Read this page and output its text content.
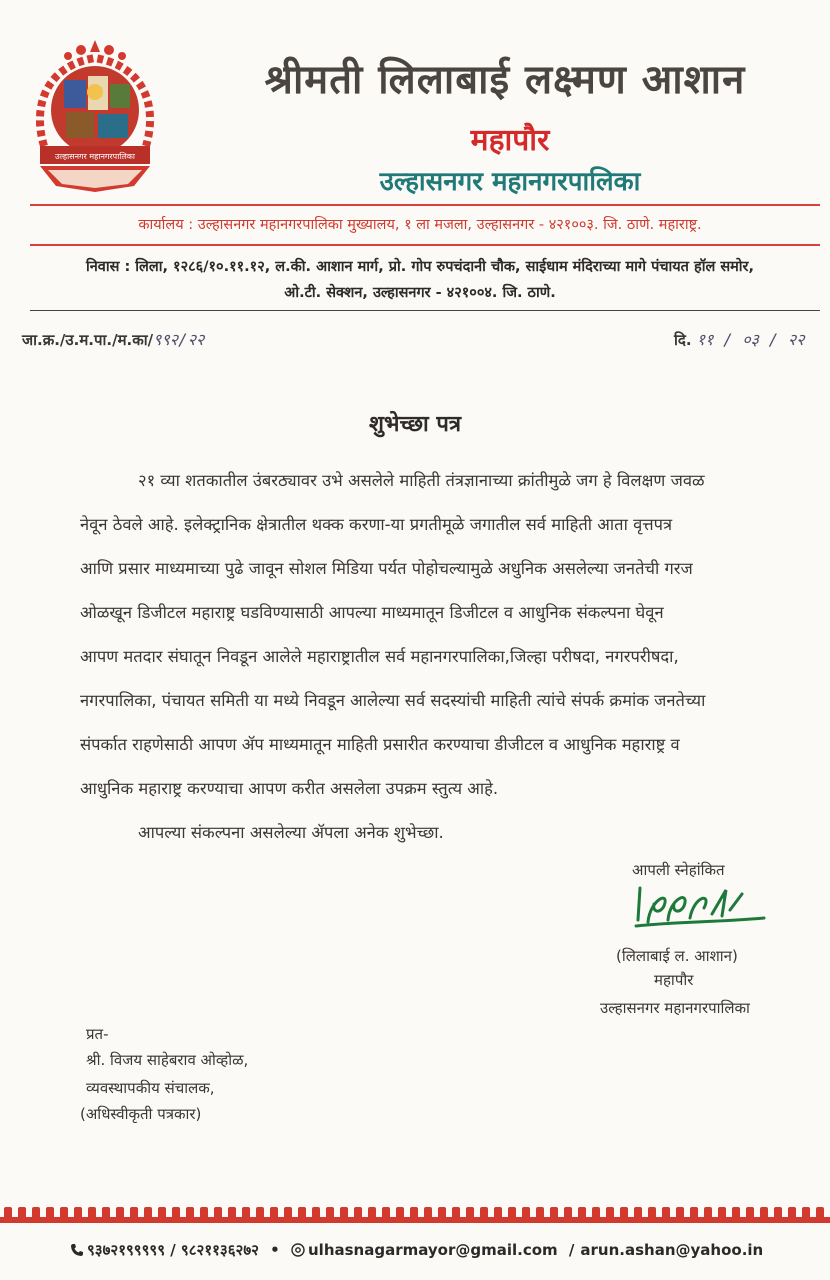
उल्हासनगर महानगरपालिका
श्रीमती लिलाबाई लक्ष्मण आशान
महापौर
उल्हासनगर महानगरपालिका
कार्यालय : उल्हासनगर महानगरपालिका मुख्यालय, १ ला मजला, उल्हासनगर - ४२१००३. जि. ठाणे. महाराष्ट्र.
निवास : लिला, १२८६/१०.११.१२, ल.की. आशान मार्ग, प्रो. गोप रुपचंदानी चौक, साईधाम मंदिराच्या मागे पंचायत हॉल समोर,
ओ.टी. सेक्शन, उल्हासनगर - ४२१००४. जि. ठाणे.
जा.क्र./उ.म.पा./म.का/९९२/२२	दि. ११ / ०३ / २२
शुभेच्छा पत्र
२१ व्या शतकातील उंबरठ्यावर उभे असलेले माहिती तंत्रज्ञानाच्या क्रांतीमुळे जग हे विलक्षण जवळ
नेवून ठेवले आहे. इलेक्ट्रानिक क्षेत्रातील थक्क करणा-या प्रगतीमूळे जगातील सर्व माहिती आता वृत्तपत्र
आणि प्रसार माध्यमाच्या पुढे जावून सोशल मिडिया पर्यत पोहोचल्यामुळे अधुनिक असलेल्या जनतेची गरज
ओळखून डिजीटल महाराष्ट्र घडविण्यासाठी आपल्या माध्यमातून डिजीटल व आधुनिक संकल्पना घेवून
आपण मतदार संघातून निवडून आलेले महाराष्ट्रातील सर्व महानगरपालिका,जिल्हा परीषदा, नगरपरीषदा,
नगरपालिका, पंचायत समिती या मध्ये निवडून आलेल्या सर्व सदस्यांची माहिती त्यांचे संपर्क क्रमांक जनतेच्या
संपर्कात राहणेसाठी आपण ॲप माध्यमातून माहिती प्रसारीत करण्याचा डीजीटल व आधुनिक महाराष्ट्र व
आधुनिक महाराष्ट्र करण्याचा आपण करीत असलेला उपक्रम स्तुत्य आहे.
आपल्या संकल्पना असलेल्या ॲपला अनेक शुभेच्छा.
आपली स्नेहांकित
(लिलाबाई ल. आशान)
महापौर
उल्हासनगर महानगरपालिका
प्रत-
श्री. विजय साहेबराव ओव्होळ,
व्यवस्थापकीय संचालक,
(अधिस्वीकृती पत्रकार)
९३७२१९९९९९ / ९८२११३६२७२ • ulhasnagarmayor@gmail.com / arun.ashan@yahoo.in
